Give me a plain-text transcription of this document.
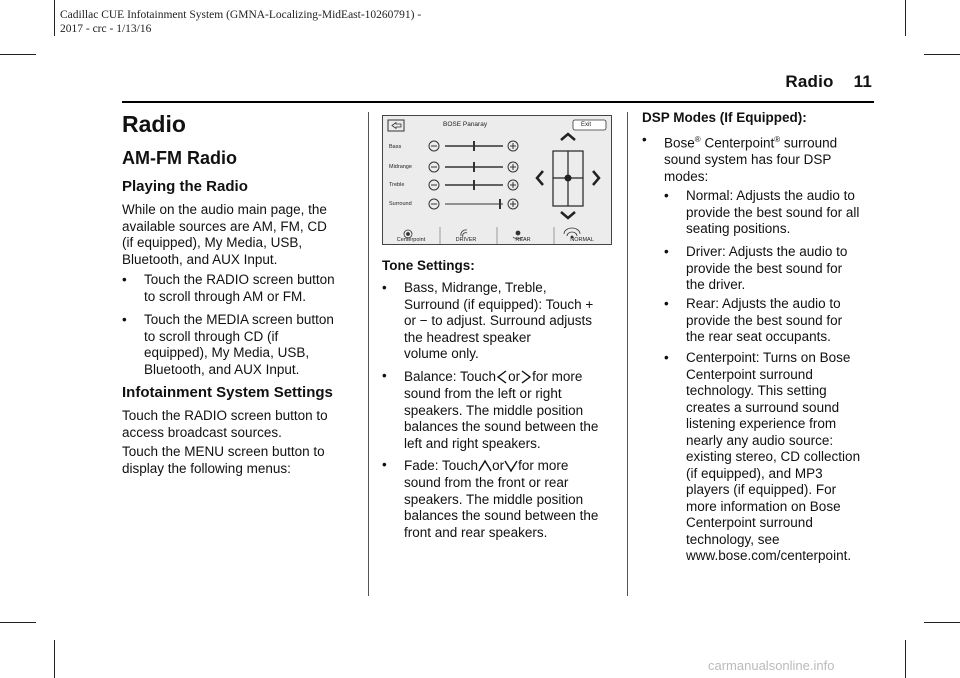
Cadillac CUE Infotainment System (GMNA-Localizing-MidEast-10260791) -
2017 - crc - 1/13/16
Radio 11
Radio
AM-FM Radio
Playing the Radio

While on the audio main page, the

available sources are AM, FM, CD

(if equipped), My Media, USB,

Bluetooth, and AUX Input.

• Touch the RADIO screen button

to scroll through AM or FM.

• Touch the MEDIA screen button

to scroll through CD (if

equipped), My Media, USB,

Bluetooth, and AUX Input.

Infotainment System Settings

Touch the RADIO screen button to

access broadcast sources.

Touch the MENU screen button to

display the following menus:

BOSE Panaray	Exit
Bass
Midrange
Treble
Surround
Centerpoint	DRIVER	REAR	NORMAL
Tone Settings:
• Bass, Midrange, Treble,

Surround (if equipped): Touch +

or − to adjust. Surround adjusts

the headrest speaker

volume only.

• Balance: Touch or for more

sound from the left or right

speakers. The middle position

balances the sound between the

left and right speakers.

• Fade: Touch or for more

sound from the front or rear

speakers. The middle position

balances the sound between the

front and rear speakers.

DSP Modes (If Equipped):
• Bose® Centerpoint® surround

sound system has four DSP

modes:

• Normal: Adjusts the audio to

provide the best sound for all

seating positions.

• Driver: Adjusts the audio to

provide the best sound for

the driver.

• Rear: Adjusts the audio to

provide the best sound for

the rear seat occupants.

• Centerpoint: Turns on Bose

Centerpoint surround

technology. This setting

creates a surround sound

listening experience from

nearly any audio source:

existing stereo, CD collection

(if equipped), and MP3

players (if equipped). For

more information on Bose

Centerpoint surround

technology, see

www.bose.com/centerpoint.

carmanualsonline.info
